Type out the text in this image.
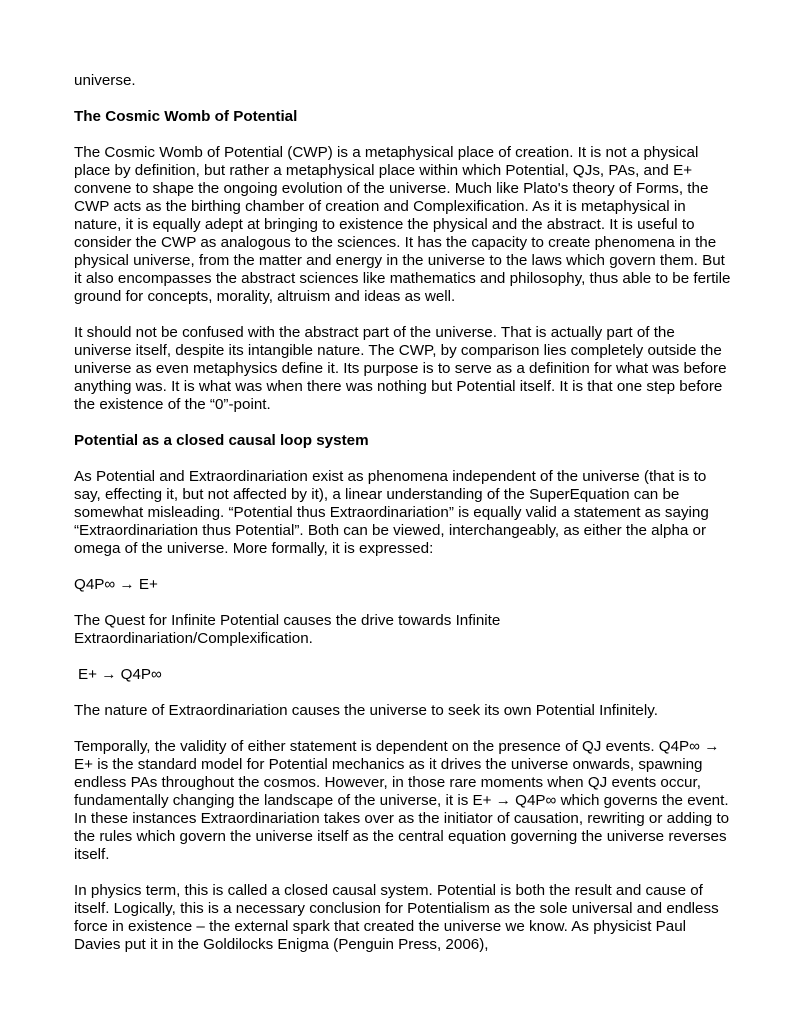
universe.

The Cosmic Womb of Potential

The Cosmic Womb of Potential (CWP) is a metaphysical place of creation. It is not a physical place by definition, but rather a metaphysical place within which Potential, QJs, PAs, and E+ convene to shape the ongoing evolution of the universe. Much like Plato's theory of Forms, the CWP acts as the birthing chamber of creation and Complexification. As it is metaphysical in nature, it is equally adept at bringing to existence the physical and the abstract. It is useful to consider the CWP as analogous to the sciences. It has the capacity to create phenomena in the physical universe, from the matter and energy in the universe to the laws which govern them. But it also encompasses the abstract sciences like mathematics and philosophy, thus able to be fertile ground for concepts, morality, altruism and ideas as well.

It should not be confused with the abstract part of the universe. That is actually part of the universe itself, despite its intangible nature. The CWP, by comparison lies completely outside the universe as even metaphysics define it. Its purpose is to serve as a definition for what was before anything was. It is what was when there was nothing but Potential itself. It is that one step before the existence of the “0”-point.

Potential as a closed causal loop system

As Potential and Extraordinariation exist as phenomena independent of the universe (that is to say, effecting it, but not affected by it), a linear understanding of the SuperEquation can be somewhat misleading. “Potential thus Extraordinariation” is equally valid a statement as saying “Extraordinariation thus Potential”. Both can be viewed, interchangeably, as either the alpha or omega of the universe. More formally, it is expressed:

Q4P∞ → E+

The Quest for Infinite Potential causes the drive towards Infinite Extraordinariation/Complexification.

E+ → Q4P∞

The nature of Extraordinariation causes the universe to seek its own Potential Infinitely.

Temporally, the validity of either statement is dependent on the presence of QJ events. Q4P∞ → E+ is the standard model for Potential mechanics as it drives the universe onwards, spawning endless PAs throughout the cosmos. However, in those rare moments when QJ events occur, fundamentally changing the landscape of the universe, it is E+ → Q4P∞ which governs the event. In these instances Extraordinariation takes over as the initiator of causation, rewriting or adding to the rules which govern the universe itself as the central equation governing the universe reverses itself.

In physics term, this is called a closed causal system. Potential is both the result and cause of itself. Logically, this is a necessary conclusion for Potentialism as the sole universal and endless force in existence – the external spark that created the universe we know. As physicist Paul Davies put it in the Goldilocks Enigma (Penguin Press, 2006),
